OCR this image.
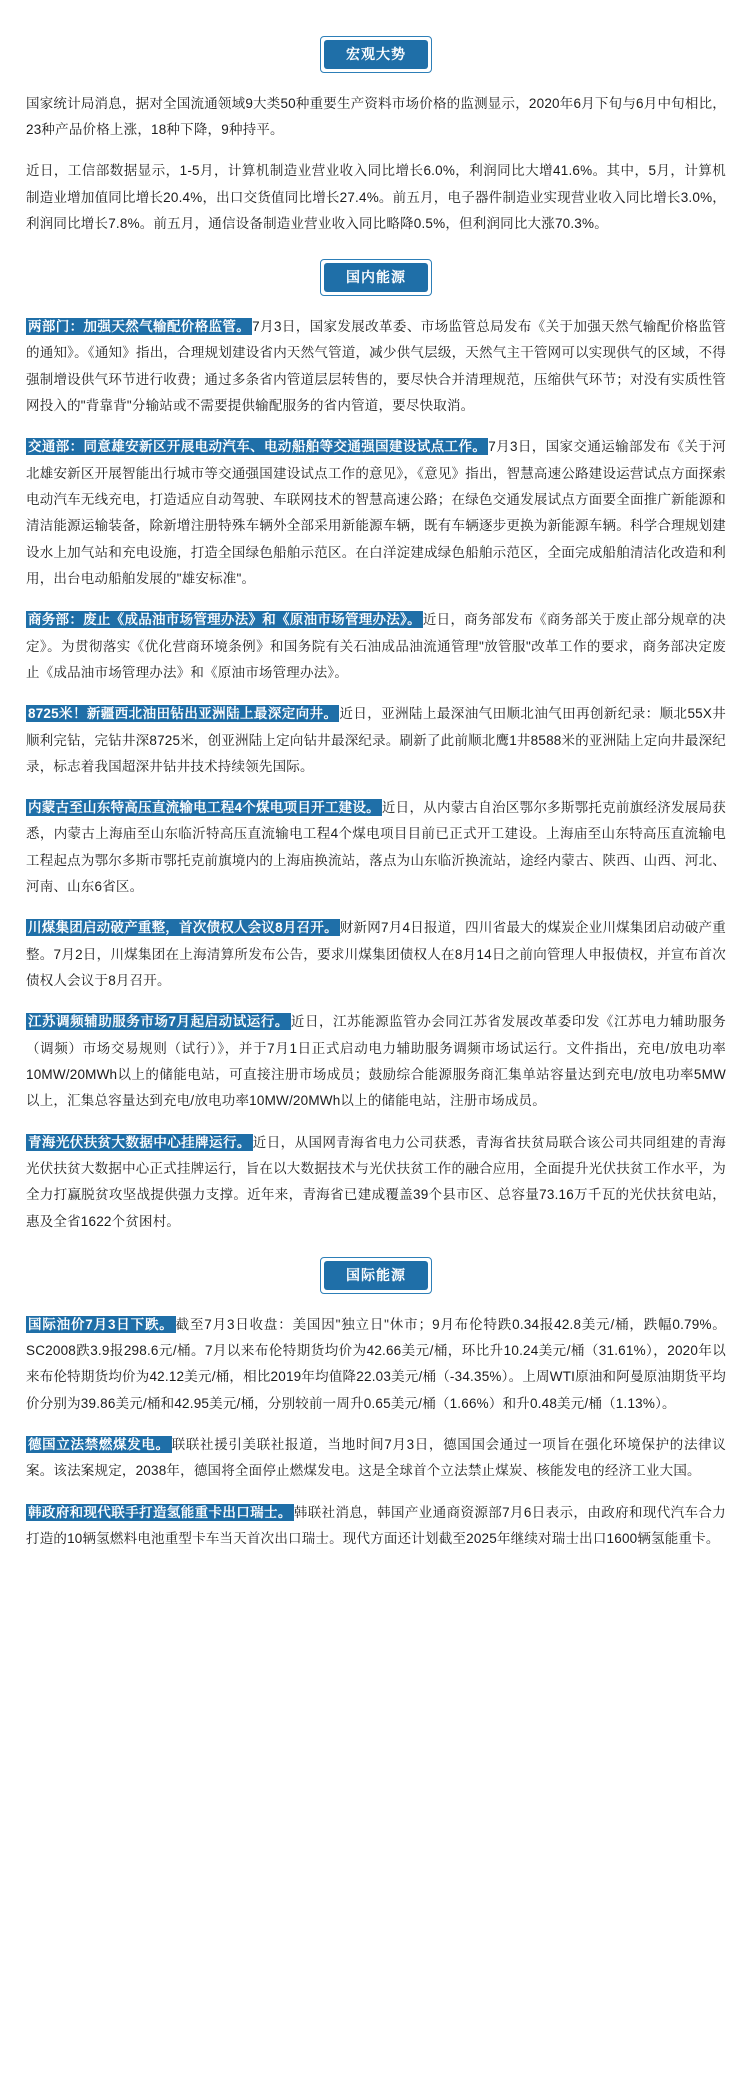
宏观大势

国家统计局消息，据对全国流通领域9大类50种重要生产资料市场价格的监测显示，2020年6月下旬与6月中旬相比，23种产品价格上涨，18种下降，9种持平。

近日，工信部数据显示，1-5月，计算机制造业营业收入同比增长6.0%，利润同比大增41.6%。其中，5月，计算机制造业增加值同比增长20.4%，出口交货值同比增长27.4%。前五月，电子器件制造业实现营业收入同比增长3.0%，利润同比增长7.8%。前五月，通信设备制造业营业收入同比略降0.5%，但利润同比大涨70.3%。

国内能源

两部门：加强天然气输配价格监管。 7月3日，国家发展改革委、市场监管总局发布《关于加强天然气输配价格监管的通知》。《通知》指出，合理规划建设省内天然气管道，减少供气层级，天然气主干管网可以实现供气的区域，不得强制增设供气环节进行收费；通过多条省内管道层层转售的，要尽快合并清理规范，压缩供气环节；对没有实质性管网投入的"背靠背"分输站或不需要提供输配服务的省内管道，要尽快取消。

交通部：同意雄安新区开展电动汽车、电动船舶等交通强国建设试点工作。 7月3日，国家交通运输部发布《关于河北雄安新区开展智能出行城市等交通强国建设试点工作的意见》，《意见》指出，智慧高速公路建设运营试点方面探索电动汽车无线充电，打造适应自动驾驶、车联网技术的智慧高速公路；在绿色交通发展试点方面要全面推广新能源和清洁能源运输装备，除新增注册特殊车辆外全部采用新能源车辆，既有车辆逐步更换为新能源车辆。科学合理规划建设水上加气站和充电设施，打造全国绿色船舶示范区。在白洋淀建成绿色船舶示范区，全面完成船舶清洁化改造和利用，出台电动船舶发展的"雄安标准"。

商务部：废止《成品油市场管理办法》和《原油市场管理办法》。 近日，商务部发布《商务部关于废止部分规章的决定》。为贯彻落实《优化营商环境条例》和国务院有关石油成品油流通管理"放管服"改革工作的要求，商务部决定废止《成品油市场管理办法》和《原油市场管理办法》。

8725米！新疆西北油田钻出亚洲陆上最深定向井。 近日，亚洲陆上最深油气田顺北油气田再创新纪录：顺北55X井顺利完钻，完钻井深8725米，创亚洲陆上定向钻井最深纪录。刷新了此前顺北鹰1井8588米的亚洲陆上定向井最深纪录，标志着我国超深井钻井技术持续领先国际。

内蒙古至山东特高压直流输电工程4个煤电项目开工建设。 近日，从内蒙古自治区鄂尔多斯鄂托克前旗经济发展局获悉，内蒙古上海庙至山东临沂特高压直流输电工程4个煤电项目目前已正式开工建设。上海庙至山东特高压直流输电工程起点为鄂尔多斯市鄂托克前旗境内的上海庙换流站，落点为山东临沂换流站，途经内蒙古、陕西、山西、河北、河南、山东6省区。

川煤集团启动破产重整，首次债权人会议8月召开。 财新网7月4日报道，四川省最大的煤炭企业川煤集团启动破产重整。7月2日，川煤集团在上海清算所发布公告，要求川煤集团债权人在8月14日之前向管理人申报债权，并宣布首次债权人会议于8月召开。

江苏调频辅助服务市场7月起启动试运行。 近日，江苏能源监管办会同江苏省发展改革委印发《江苏电力辅助服务（调频）市场交易规则（试行）》，并于7月1日正式启动电力辅助服务调频市场试运行。文件指出，充电/放电功率10MW/20MWh以上的储能电站，可直接注册市场成员；鼓励综合能源服务商汇集单站容量达到充电/放电功率5MW以上，汇集总容量达到充电/放电功率10MW/20MWh以上的储能电站，注册市场成员。

青海光伏扶贫大数据中心挂牌运行。 近日，从国网青海省电力公司获悉，青海省扶贫局联合该公司共同组建的青海光伏扶贫大数据中心正式挂牌运行，旨在以大数据技术与光伏扶贫工作的融合应用，全面提升光伏扶贫工作水平，为全力打赢脱贫攻坚战提供强力支撑。近年来，青海省已建成覆盖39个县市区、总容量73.16万千瓦的光伏扶贫电站，惠及全省1622个贫困村。

国际能源

国际油价7月3日下跌。 截至7月3日收盘：美国因"独立日"休市；9月布伦特跌0.34报42.8美元/桶，跌幅0.79%。SC2008跌3.9报298.6元/桶。7月以来布伦特期货均价为42.66美元/桶，环比升10.24美元/桶（31.61%），2020年以来布伦特期货均价为42.12美元/桶，相比2019年均值降22.03美元/桶（-34.35%）。上周WTI原油和阿曼原油期货平均价分别为39.86美元/桶和42.95美元/桶，分别较前一周升0.65美元/桶（1.66%）和升0.48美元/桶（1.13%）。

德国立法禁燃煤发电。 联联社援引美联社报道，当地时间7月3日，德国国会通过一项旨在强化环境保护的法律议案。该法案规定，2038年，德国将全面停止燃煤发电。这是全球首个立法禁止煤炭、核能发电的经济工业大国。

韩政府和现代联手打造氢能重卡出口瑞士。 韩联社消息，韩国产业通商资源部7月6日表示，由政府和现代汽车合力打造的10辆氢燃料电池重型卡车当天首次出口瑞士。现代方面还计划截至2025年继续对瑞士出口1600辆氢能重卡。
